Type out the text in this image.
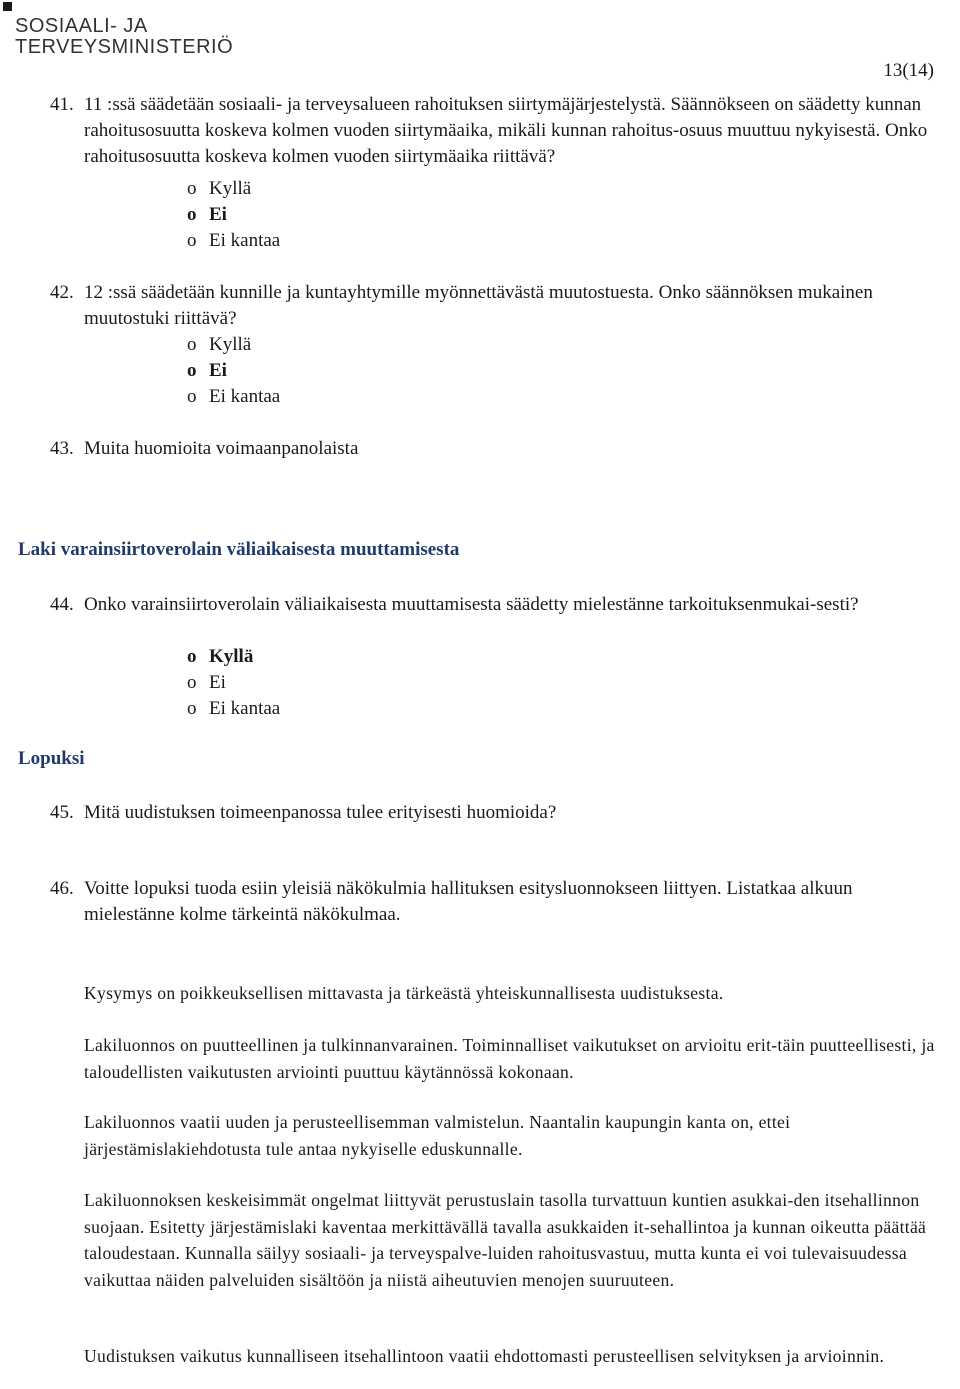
SOSIAALI- JA
TERVEYSMINISTERIÖ
13(14)
41. 11 :ssä säädetään sosiaali- ja terveysalueen rahoituksen siirtymäjärjestelystä. Säännökseen on säädetty kunnan rahoitusosuutta koskeva kolmen vuoden siirtymäaika, mikäli kunnan rahoitus-osuus muuttuu nykyisestä. Onko rahoitusosuutta koskeva kolmen vuoden siirtymäaika riittävä?
o Kyllä
o Ei
o Ei kantaa
42. 12 :ssä säädetään kunnille ja kuntayhtymille myönnettävästä muutostuesta. Onko säännöksen mukainen muutostuki riittävä?
o Kyllä
o Ei
o Ei kantaa
43. Muita huomioita voimaanpanolaista
Laki varainsiirtoverolain väliaikaisesta muuttamisesta
44. Onko varainsiirtoverolain väliaikaisesta muuttamisesta säädetty mielestänne tarkoituksenmukai-sesti?
o Kyllä
o Ei
o Ei kantaa
Lopuksi
45. Mitä uudistuksen toimeenpanossa tulee erityisesti huomioida?
46. Voitte lopuksi tuoda esiin yleisiä näkökulmia hallituksen esitysluonnokseen liittyen. Listatkaa alkuun mielestänne kolme tärkeintä näkökulmaa.
Kysymys on poikkeuksellisen mittavasta ja tärkeästä yhteiskunnallisesta uudistuksesta.
Lakiluonnos on puutteellinen ja tulkinnanvarainen. Toiminnalliset vaikutukset on arvioitu erit-täin puutteellisesti, ja taloudellisten vaikutusten arviointi puuttuu käytännössä kokonaan.
Lakiluonnos vaatii uuden ja perusteellisemman valmistelun. Naantalin kaupungin kanta on, ettei järjestämislakiehdotusta tule antaa nykyiselle eduskunnalle.
Lakiluonnoksen keskeisimmät ongelmat liittyvät perustuslain tasolla turvattuun kuntien asukkai-den itsehallinnon suojaan. Esitetty järjestämislaki kaventaa merkittävällä tavalla asukkaiden it-sehallintoa ja kunnan oikeutta päättää taloudestaan. Kunnalla säilyy sosiaali- ja terveyspalve-luiden rahoitusvastuu, mutta kunta ei voi tulevaisuudessa vaikuttaa näiden palveluiden sisältöön ja niistä aiheutuvien menojen suuruuteen.
Uudistuksen vaikutus kunnalliseen itsehallintoon vaatii ehdottomasti perusteellisen selvityksen ja arvioinnin.
